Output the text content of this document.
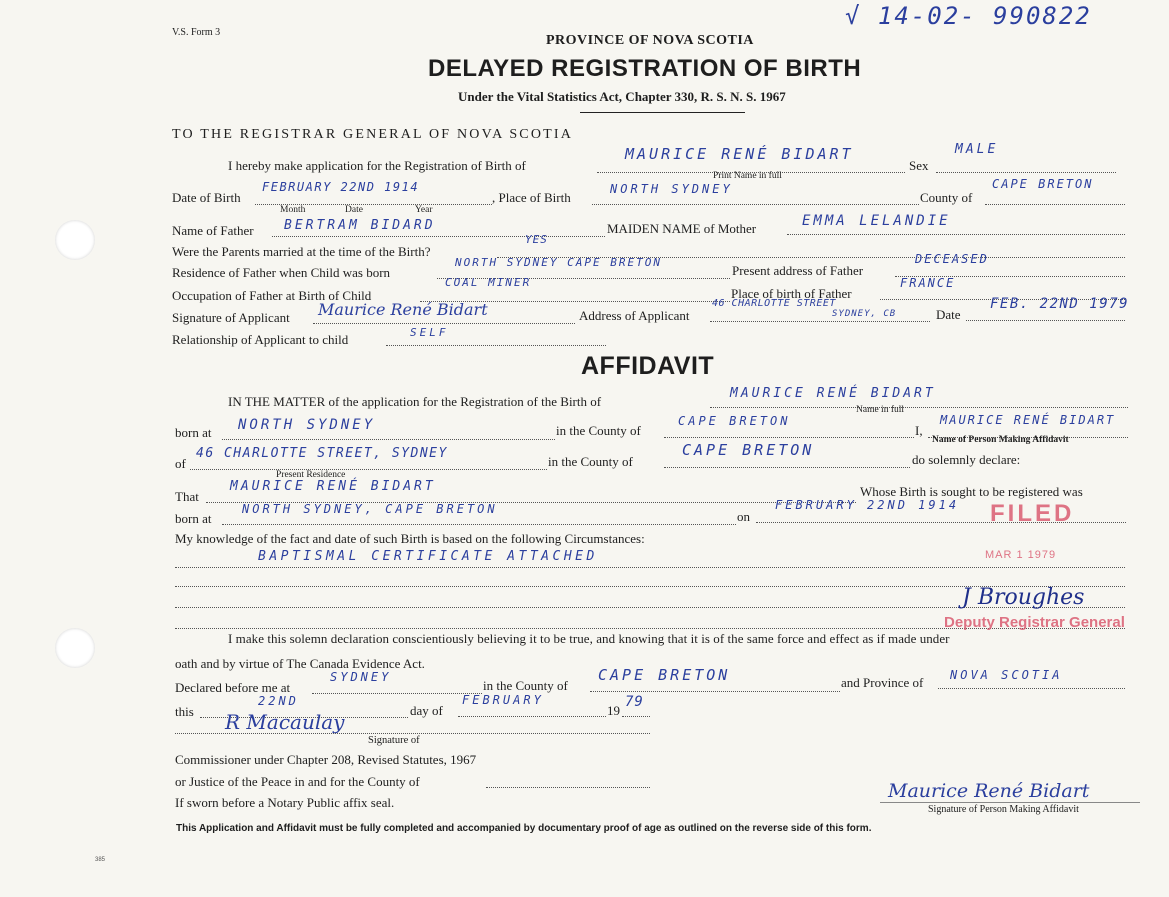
V.S. Form 3
√ 14-02- 990822
PROVINCE OF NOVA SCOTIA
DELAYED REGISTRATION OF BIRTH
Under the Vital Statistics Act, Chapter 330, R. S. N. S. 1967
TO THE REGISTRAR GENERAL OF NOVA SCOTIA
I hereby make application for the Registration of Birth of
MAURICE RENÉ BIDART
Sex
MALE
Print Name in full
Date of Birth
FEBRUARY 22ND 1914
, Place of Birth
NORTH SYDNEY
County of
CAPE BRETON
Month	Date	Year
Name of Father BERTRAM BIDARD	MAIDEN NAME of Mother	EMMA LELANDIE
Were the Parents married at the time of the Birth?
YES
Residence of Father when Child was born
NORTH SYDNEY CAPE BRETON
Present address of Father
DECEASED
Occupation of Father at Birth of Child
COAL MINER
Place of birth of Father
FRANCE
Signature of Applicant Maurice René Bidart	Address of Applicant
46 CHARLOTTE STREET
SYDNEY, CB	Date
FEB. 22ND 1979
Relationship of Applicant to child	SELF
AFFIDAVIT
IN THE MATTER of the application for the Registration of the Birth of
MAURICE RENÉ BIDART
Name in full
born at NORTH SYDNEY	in the County of
CAPE BRETON
I,
MAURICE RENÉ BIDART
Name of Person Making Affidavit
of
46 CHARLOTTE STREET, SYDNEY
Present Residence
in the County of
CAPE BRETON
do solemnly declare:
That
MAURICE RENÉ BIDART	Whose Birth is sought to be registered was
born at
NORTH SYDNEY, CAPE BRETON	on
FEBRUARY 22ND 1914
My knowledge of the fact and date of such Birth is based on the following Circumstances:
BAPTISMAL CERTIFICATE ATTACHED
FILED
MAR 1 1979
J Broughes
Deputy Registrar General
I make this solemn declaration conscientiously believing it to be true, and knowing that it is of the same force and effect as if made under
oath and by virtue of The Canada Evidence Act.
Declared before me at
SYDNEY
in the County of
CAPE BRETON	and Province of NOVA SCOTIA
this
22ND
day of
FEBRUARY
19
79
R Macaulay
Signature of
Commissioner under Chapter 208, Revised Statutes, 1967
or Justice of the Peace in and for the County of
If sworn before a Notary Public affix seal.
Maurice René Bidart
Signature of Person Making Affidavit
This Application and Affidavit must be fully completed and accompanied by documentary proof of age as outlined on the reverse side of this form.
385
